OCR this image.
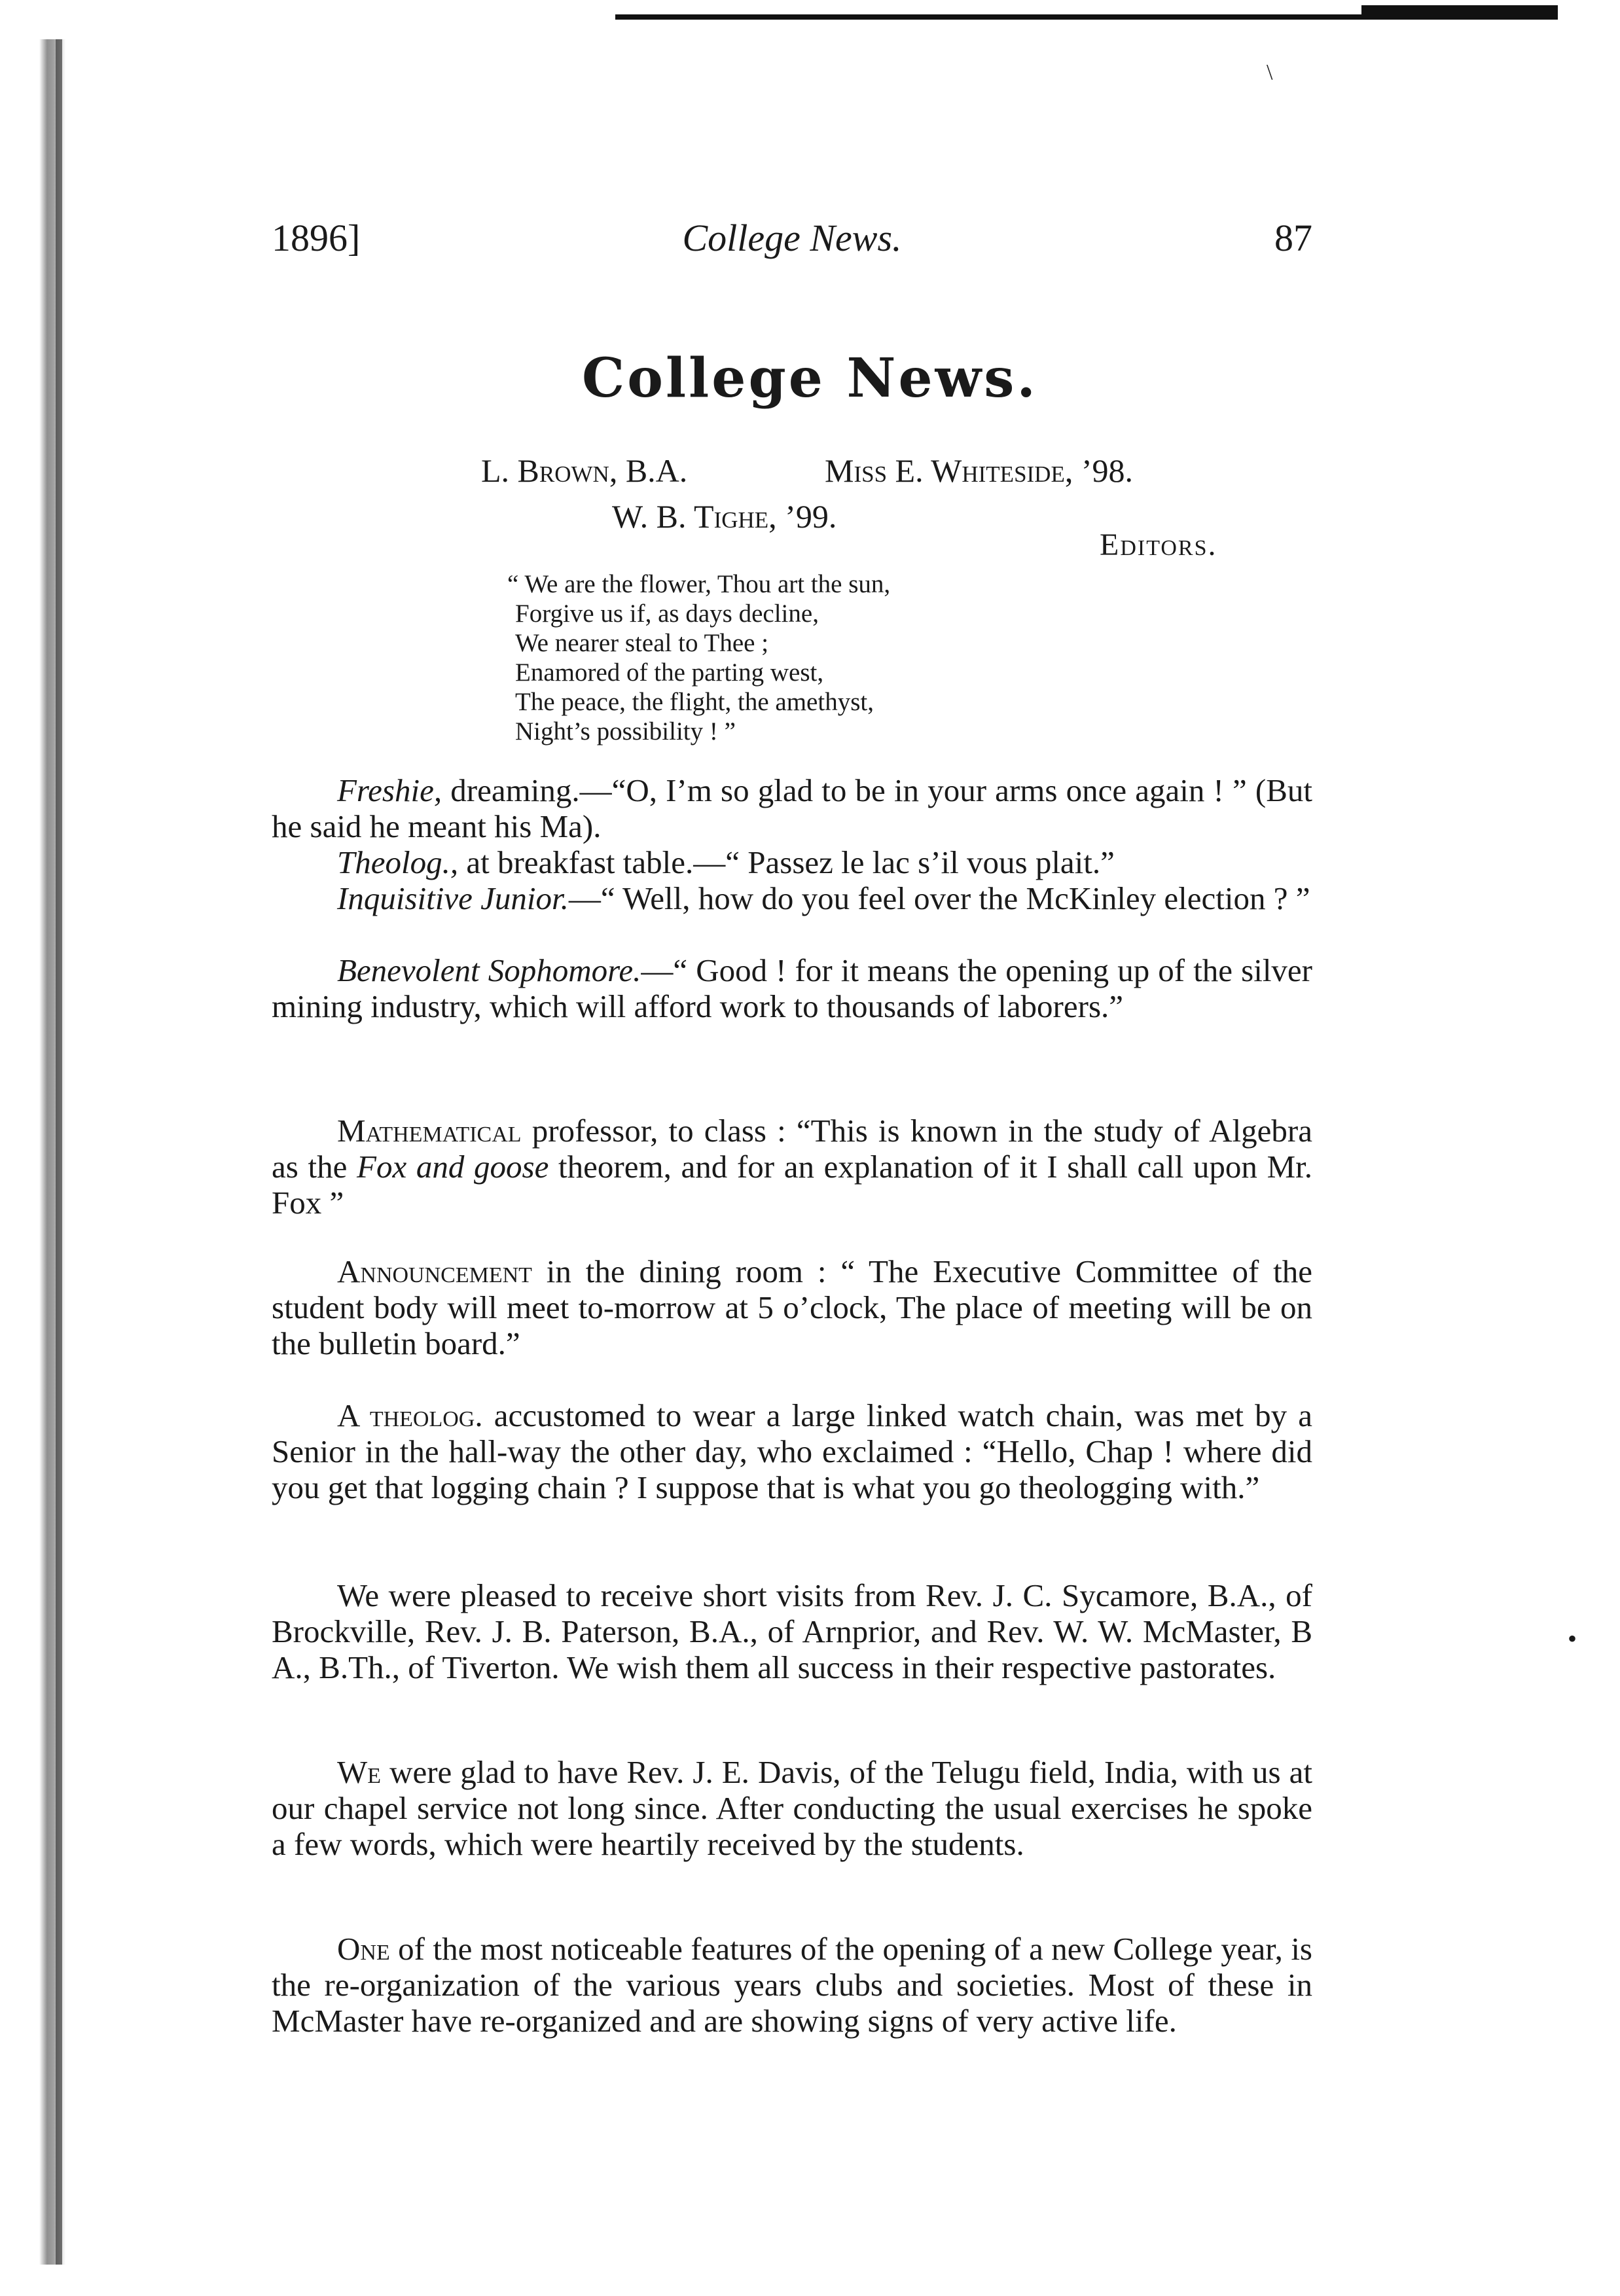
\
1896]	College News.	87
College News.
L. Brown, B.A.	Miss E. Whiteside, ’98.
W. B. Tighe, ’99.
Editors.
“ We are the flower, Thou art the sun,
Forgive us if, as days decline,
We nearer steal to Thee ;
Enamored of the parting west,
The peace, the flight, the amethyst,
Night’s possibility ! ”

Freshie, dreaming.—“O, I’m so glad to be in your arms once again ! ” (But he said he meant his Ma).

Theolog., at breakfast table.—“ Passez le lac s’il vous plait.”

Inquisitive Junior.—“ Well, how do you feel over the McKinley election ? ”

Benevolent Sophomore.—“ Good ! for it means the opening up of the silver mining industry, which will afford work to thousands of laborers.”

Mathematical professor, to class : “This is known in the study of Algebra as the Fox and goose theorem, and for an explanation of it I shall call upon Mr. Fox ”

Announcement in the dining room : “ The Executive Committee of the student body will meet to-morrow at 5 o’clock, The place of meeting will be on the bulletin board.”

A theolog. accustomed to wear a large linked watch chain, was met by a Senior in the hall-way the other day, who exclaimed : “Hello, Chap ! where did you get that logging chain ? I suppose that is what you go theologging with.”

We were pleased to receive short visits from Rev. J. C. Sycamore, B.A., of Brockville, Rev. J. B. Paterson, B.A., of Arnprior, and Rev. W. W. McMaster, B A., B.Th., of Tiverton. We wish them all success in their respective pastorates.

We were glad to have Rev. J. E. Davis, of the Telugu field, India, with us at our chapel service not long since. After conducting the usual exercises he spoke a few words, which were heartily received by the students.

One of the most noticeable features of the opening of a new College year, is the re-organization of the various years clubs and societies. Most of these in McMaster have re-organized and are showing signs of very active life.

•
